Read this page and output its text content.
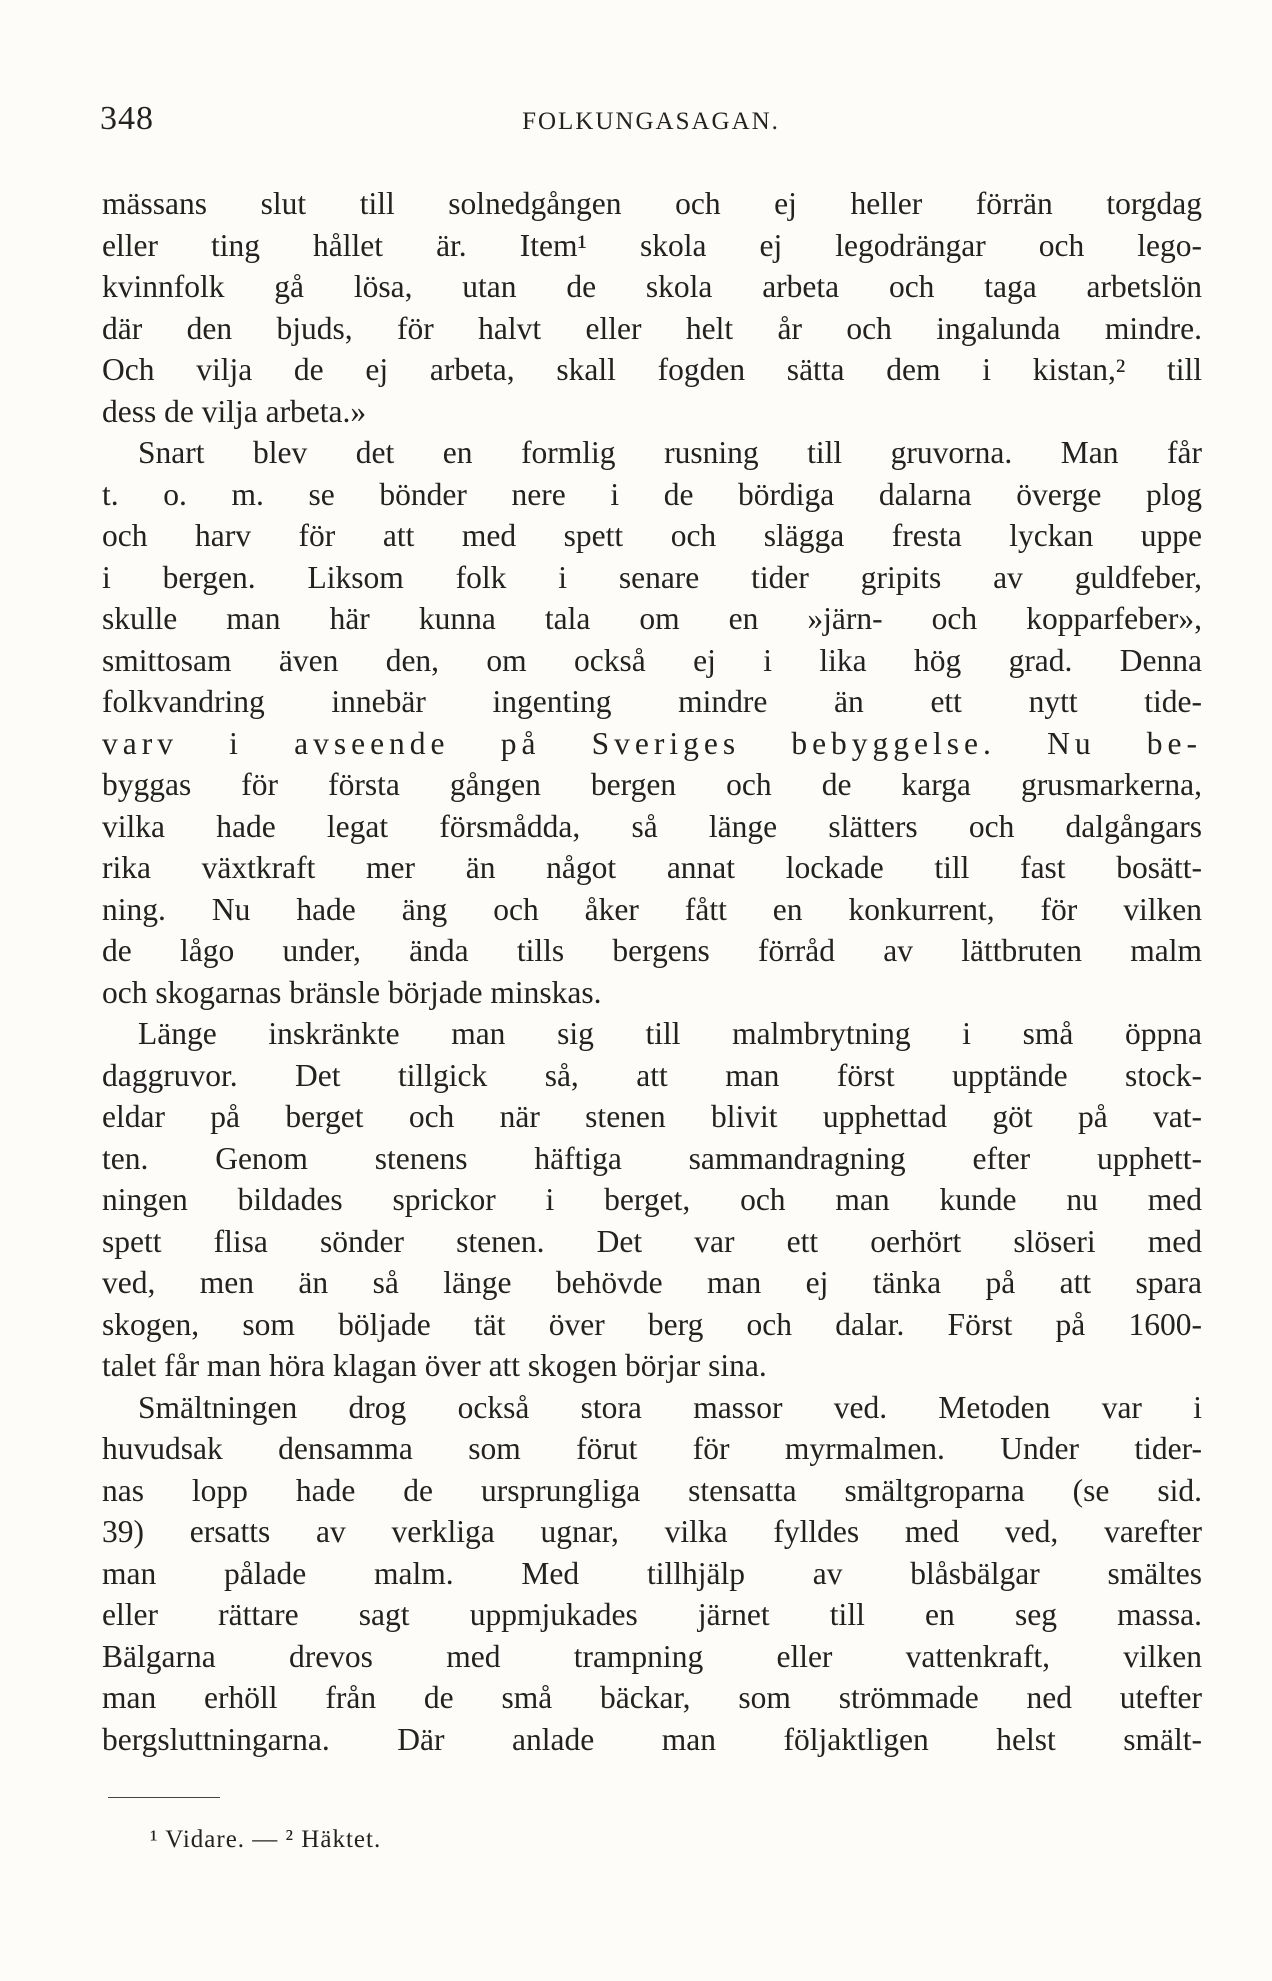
348	FOLKUNGASAGAN.
mässans slut till solnedgången och ej heller förrän torgdag
eller ting hållet är. Item¹ skola ej legodrängar och lego-
kvinnfolk gå lösa, utan de skola arbeta och taga arbetslön
där den bjuds, för halvt eller helt år och ingalunda mindre.
Och vilja de ej arbeta, skall fogden sätta dem i kistan,² till
dess de vilja arbeta.»
Snart blev det en formlig rusning till gruvorna. Man får
t. o. m. se bönder nere i de bördiga dalarna överge plog
och harv för att med spett och slägga fresta lyckan uppe
i bergen. Liksom folk i senare tider gripits av guldfeber,
skulle man här kunna tala om en »järn- och kopparfeber»,
smittosam även den, om också ej i lika hög grad. Denna
folkvandring innebär ingenting mindre än ett nytt tide-
varv i avseende på Sveriges bebyggelse. Nu be-
byggas för första gången bergen och de karga grusmarkerna,
vilka hade legat försmådda, så länge slätters och dalgångars
rika växtkraft mer än något annat lockade till fast bosätt-
ning. Nu hade äng och åker fått en konkurrent, för vilken
de lågo under, ända tills bergens förråd av lättbruten malm
och skogarnas bränsle började minskas.
Länge inskränkte man sig till malmbrytning i små öppna
daggruvor. Det tillgick så, att man först upptände stock-
eldar på berget och när stenen blivit upphettad göt på vat-
ten. Genom stenens häftiga sammandragning efter upphett-
ningen bildades sprickor i berget, och man kunde nu med
spett flisa sönder stenen. Det var ett oerhört slöseri med
ved, men än så länge behövde man ej tänka på att spara
skogen, som böljade tät över berg och dalar. Först på 1600-
talet får man höra klagan över att skogen börjar sina.
Smältningen drog också stora massor ved. Metoden var i
huvudsak densamma som förut för myrmalmen. Under tider-
nas lopp hade de ursprungliga stensatta smältgroparna (se sid.
39) ersatts av verkliga ugnar, vilka fylldes med ved, varefter
man pålade malm. Med tillhjälp av blåsbälgar smältes
eller rättare sagt uppmjukades järnet till en seg massa.
Bälgarna drevos med trampning eller vattenkraft, vilken
man erhöll från de små bäckar, som strömmade ned utefter
bergsluttningarna. Där anlade man följaktligen helst smält-
¹ Vidare. — ² Häktet.
